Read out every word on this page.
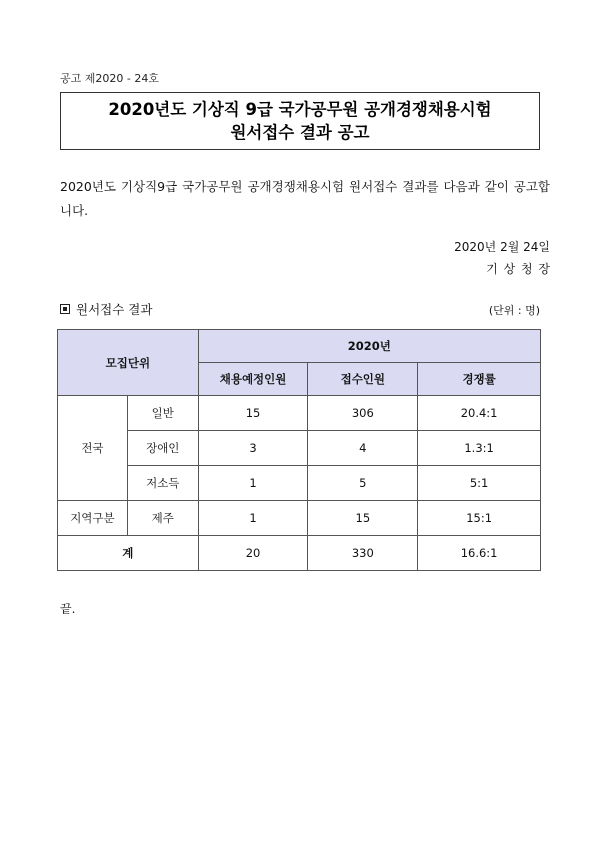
공고 제2020 - 24호
2020년도 기상직 9급 국가공무원 공개경쟁채용시험
원서접수 결과 공고
2020년도 기상직9급 국가공무원 공개경쟁채용시험 원서접수 결과를 다음과 같이 공고합니다.
2020년 2월 24일
기 상 청 장
원서접수 결과	(단위 : 명)
모집단위		2020년		
		채용예정인원	접수인원	경쟁률
전국	일반	15	306	20.4:1
	장애인	3	4	1.3:1
	저소득	1	5	5:1
지역구분	제주	1	15	15:1
계		20	330	16.6:1
끝.
